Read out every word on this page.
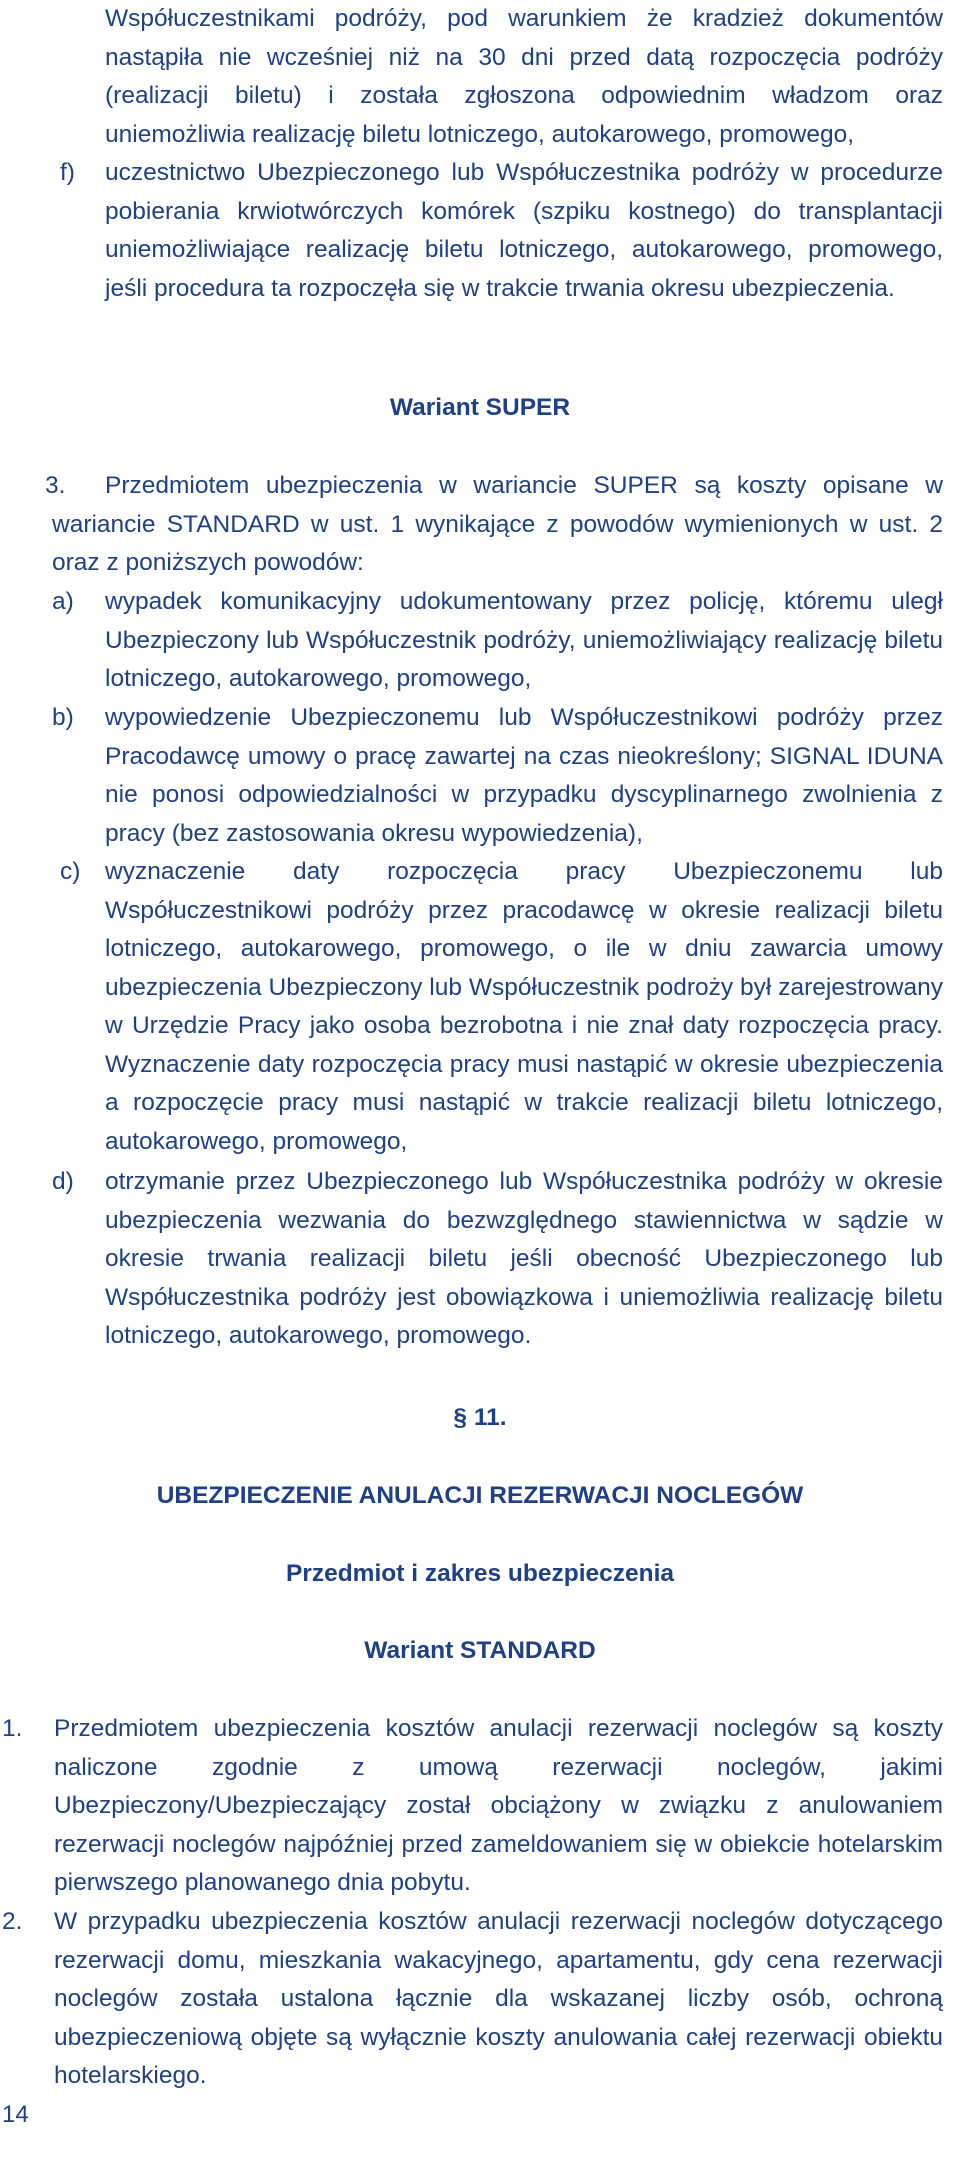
Współuczestnikami podróży, pod warunkiem że kradzież dokumentów nastąpiła nie wcześniej niż na 30 dni przed datą rozpoczęcia podróży (realizacji biletu) i została zgłoszona odpowiednim władzom oraz uniemożliwia realizację biletu lotniczego, autokarowego, promowego,
f) uczestnictwo Ubezpieczonego lub Współuczestnika podróży w procedurze pobierania krwiotwórczych komórek (szpiku kostnego) do transplantacji uniemożliwiające realizację biletu lotniczego, autokarowego, promowego, jeśli procedura ta rozpoczęła się w trakcie trwania okresu ubezpieczenia.
Wariant SUPER
3.	Przedmiotem ubezpieczenia w wariancie SUPER są koszty opisane w wariancie STANDARD w ust. 1 wynikające z powodów wymienionych w ust. 2 oraz z poniższych powodów:
a) wypadek komunikacyjny udokumentowany przez policję, któremu uległ Ubezpieczony lub Współuczestnik podróży, uniemożliwiający realizację biletu lotniczego, autokarowego, promowego,
b) wypowiedzenie Ubezpieczonemu lub Współuczestnikowi podróży przez Pracodawcę umowy o pracę zawartej na czas nieokreślony; SIGNAL IDUNA nie ponosi odpowiedzialności w przypadku dyscyplinarnego zwolnienia z pracy (bez zastosowania okresu wypowiedzenia),
c) wyznaczenie daty rozpoczęcia pracy Ubezpieczonemu lub Współuczestnikowi podróży przez pracodawcę w okresie realizacji biletu lotniczego, autokarowego, promowego, o ile w dniu zawarcia umowy ubezpieczenia Ubezpieczony lub Współuczestnik podroży był zarejestrowany w Urzędzie Pracy jako osoba bezrobotna i nie znał daty rozpoczęcia pracy. Wyznaczenie daty rozpoczęcia pracy musi nastąpić w okresie ubezpieczenia a rozpoczęcie pracy musi nastąpić w trakcie realizacji biletu lotniczego, autokarowego, promowego,
d) otrzymanie przez Ubezpieczonego lub Współuczestnika podróży w okresie ubezpieczenia wezwania do bezwzględnego stawiennictwa w sądzie w okresie trwania realizacji biletu jeśli obecność Ubezpieczonego lub Współuczestnika podróży jest obowiązkowa i uniemożliwia realizację biletu lotniczego, autokarowego, promowego.
§ 11.
UBEZPIECZENIE ANULACJI REZERWACJI NOCLEGÓW
Przedmiot i zakres ubezpieczenia
Wariant STANDARD
1. Przedmiotem ubezpieczenia kosztów anulacji rezerwacji noclegów są koszty naliczone zgodnie z umową rezerwacji noclegów, jakimi Ubezpieczony/Ubezpieczający został obciążony w związku z anulowaniem rezerwacji noclegów najpóźniej przed zameldowaniem się w obiekcie hotelarskim pierwszego planowanego dnia pobytu.
2. W przypadku ubezpieczenia kosztów anulacji rezerwacji noclegów dotyczącego rezerwacji domu, mieszkania wakacyjnego, apartamentu, gdy cena rezerwacji noclegów została ustalona łącznie dla wskazanej liczby osób, ochroną ubezpieczeniową objęte są wyłącznie koszty anulowania całej rezerwacji obiektu hotelarskiego.
14
